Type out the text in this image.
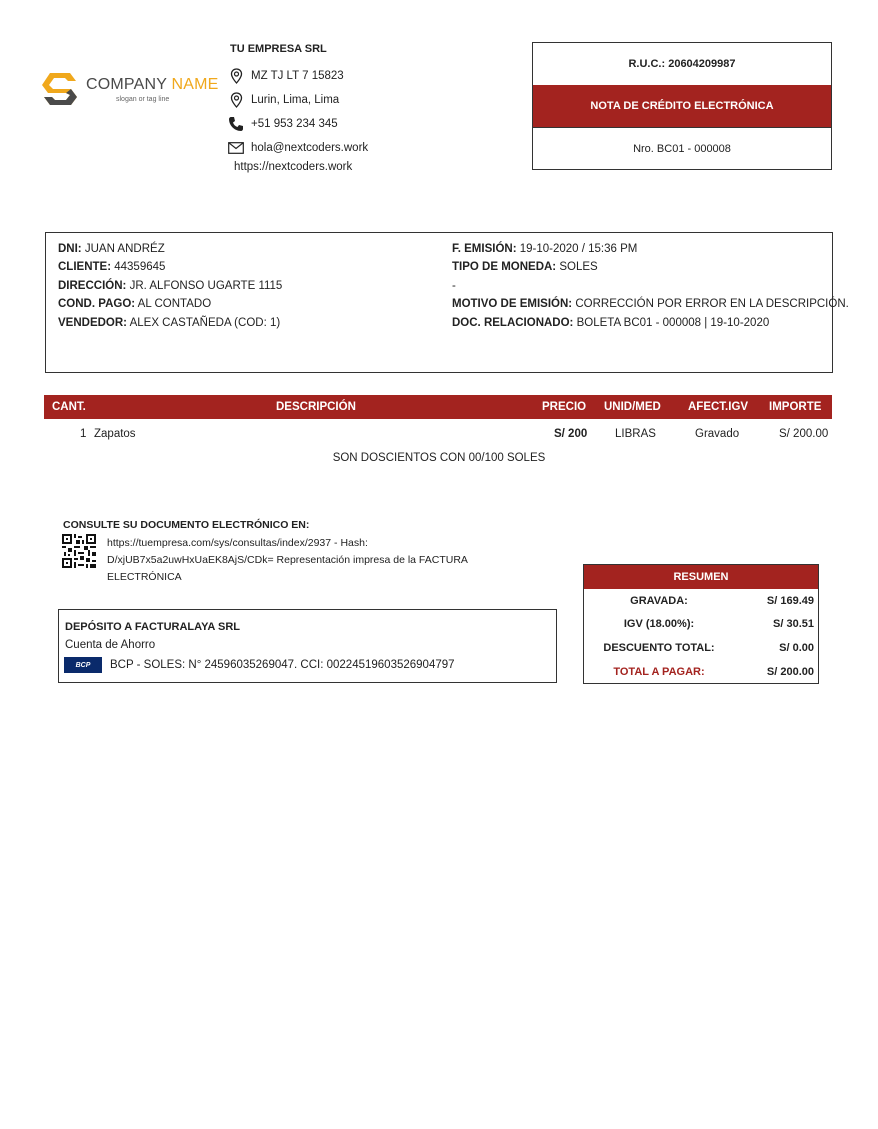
COMPANY NAME
slogan or tag line
TU EMPRESA SRL
MZ TJ LT 7 15823
Lurin, Lima, Lima
+51 953 234 345
hola@nextcoders.work
https://nextcoders.work
R.U.C.: 20604209987
NOTA DE CRÉDITO ELECTRÓNICA
Nro. BC01 - 000008
DNI: JUAN ANDRÉZ
CLIENTE: 44359645
DIRECCIÓN: JR. ALFONSO UGARTE 1115
COND. PAGO: AL CONTADO
VENDEDOR: ALEX CASTAÑEDA (COD: 1)
F. EMISIÓN: 19-10-2020 / 15:36 PM
TIPO DE MONEDA: SOLES
-
MOTIVO DE EMISIÓN: CORRECCIÓN POR ERROR EN LA DESCRIPCIÓN.
DOC. RELACIONADO: BOLETA BC01 - 000008 | 19-10-2020
CANT.	DESCRIPCIÓN	PRECIO UNID/MED AFECT.IGV IMPORTE
1 Zapatos	S/ 200 LIBRAS	Gravado	S/ 200.00
SON DOSCIENTOS CON 00/100 SOLES
CONSULTE SU DOCUMENTO ELECTRÓNICO EN:
https://tuempresa.com/sys/consultas/index/2937 - Hash: D/xjUB7x5a2uwHxUaEK8AjS/CDk= Representación impresa de la FACTURA ELECTRÓNICA	RESUMEN
GRAVADA:	S/ 169.49
IGV (18.00%):	S/ 30.51
DESCUENTO TOTAL:	S/ 0.00
TOTAL A PAGAR:	S/ 200.00
DEPÓSITO A FACTURALAYA SRL
Cuenta de Ahorro
BCP	BCP - SOLES: N° 24596035269047. CCI: 00224519603526904797
